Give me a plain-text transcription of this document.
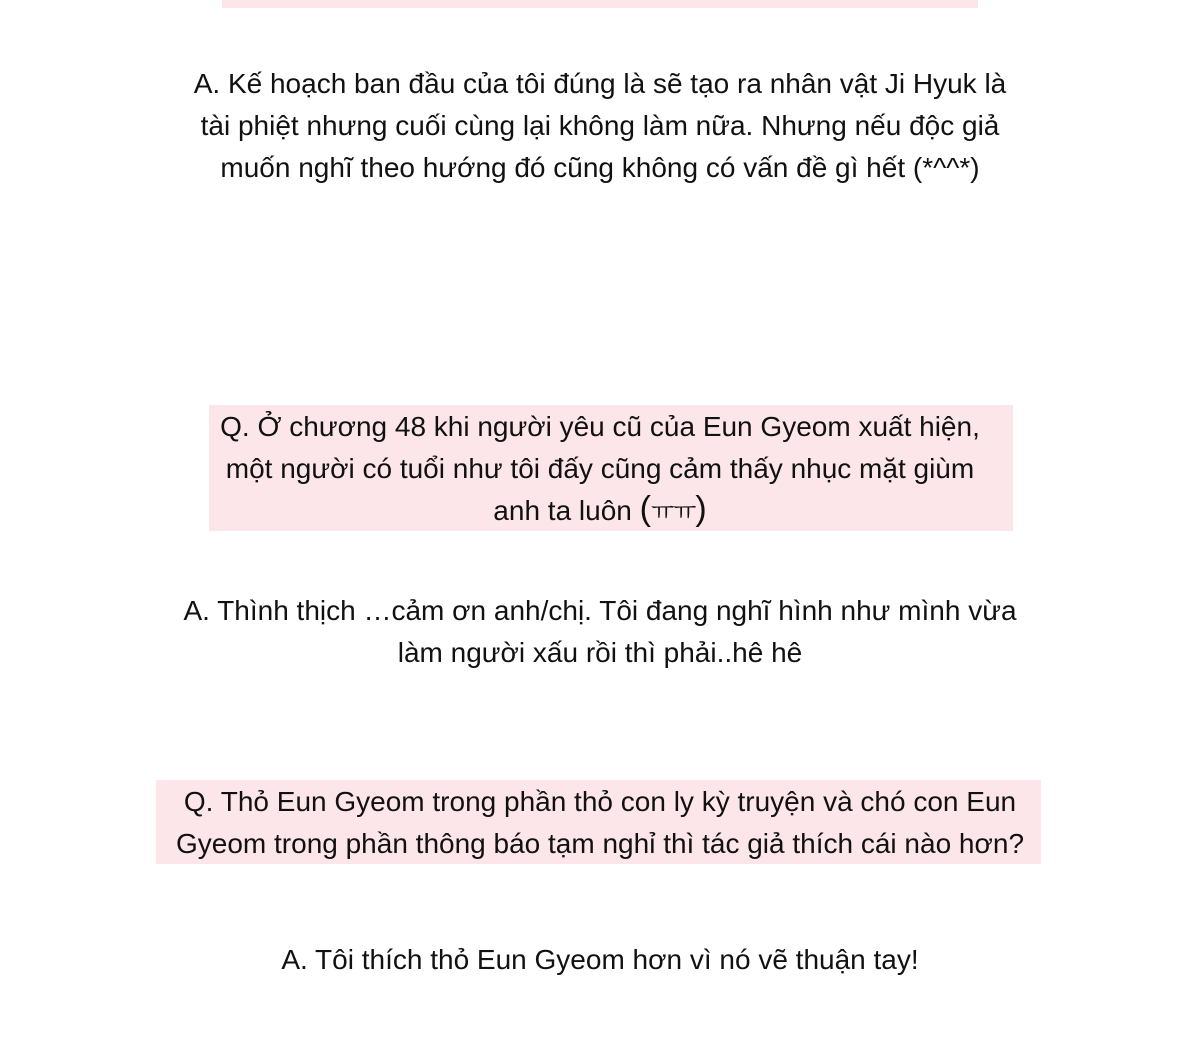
A. Kế hoạch ban đầu của tôi đúng là sẽ tạo ra nhân vật Ji Hyuk là
tài phiệt nhưng cuối cùng lại không làm nữa. Nhưng nếu độc giả
muốn nghĩ theo hướng đó cũng không có vấn đề gì hết (*^^*)
Q. Ở chương 48 khi người yêu cũ của Eun Gyeom xuất hiện,
một người có tuổi như tôi đấy cũng cảm thấy nhục mặt giùm
anh ta luôn (ㅠㅠ)
A. Thình thịch …cảm ơn anh/chị. Tôi đang nghĩ hình như mình vừa
làm người xấu rồi thì phải..hê hê
Q. Thỏ Eun Gyeom trong phần thỏ con ly kỳ truyện và chó con Eun
Gyeom trong phần thông báo tạm nghỉ thì tác giả thích cái nào hơn?
A. Tôi thích thỏ Eun Gyeom hơn vì nó vẽ thuận tay!
